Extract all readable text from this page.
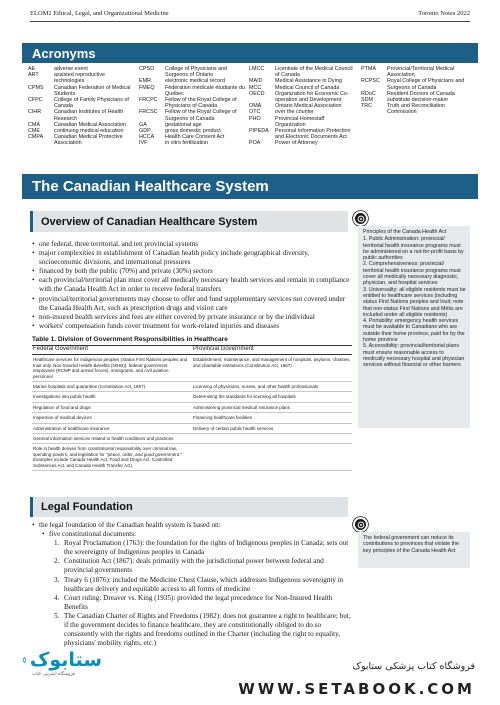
ELOM2 Ethical, Legal, and Organizational Medicine	Toronto Notes 2022
Acronyms
AE	adverse event
ART	assisted reproductive technologies
CPMS	Canadian Federation of Medical Students
CFPC	College of Family Physicians of Canada
CIHR	Canadian Institutes of Health Research
CMA	Canadian Medical Association
CME	continuing medical education
CMPA	Canadian Medical Protective Association
CPSO	College of Physicians and Surgeons of Ontario
EMR	electronic medical record
FMEQ	Fédération médicale étudiante du Québec
FRCPC	Fellow of the Royal College of Physicians of Canada
FRCSC	Fellow of the Royal College of Surgeons of Canada
GA	gestational age
GDP	gross domestic product
HCCA	Health Care Consent Act
IVF	in vitro fertilization
LMCC	Licentiate of the Medical Council of Canada
MAID	Medical Assistance in Dying
MCC	Medical Council of Canada
OECD	Organization for Economic Co-operation and Development
OMA	Ontario Medical Association
OTC	over the counter
PHO	Provincial Homestaff Organization
PIPEDA	Personal Information Protection and Electronic Documents Act
POA	Power of Attorney
PTMA	Provincial/Territorial Medical Association
RCPSC	Royal College of Physicians and Surgeons of Canada
RDoC	Resident Doctors of Canada
SDM	substitute decision-maker
TRC	Truth and Reconciliation Commission
The Canadian Healthcare System
Overview of Canadian Healthcare System
• one federal, three territorial, and ten provincial systems
• major complexities in establishment of Canadian health policy include geographical diversity, socioeconomic divisions, and international pressures
• financed by both the public (70%) and private (30%) sectors
• each provincial/territorial plan must cover all medically necessary health services and remain in compliance with the Canada Health Act in order to receive federal transfers
• provincial/territorial governments may choose to offer and fund supplementary services not covered under the Canada Health Act, such as prescription drugs and vision care
• non-insured health services and fees are either covered by private insurance or by the individual
• workers' compensation funds cover treatment for work-related injuries and diseases
Table 1. Division of Government Responsibilities in Healthcare
Federal Government	Provincial Government
Healthcare services for Indigenous peoples (Status First Nations peoples and Inuit only. Non-Insured Health Benefits (NIHB)), federal government employees (RCMP and armed forces), immigrants, and civil aviation personnel	Establishment, maintenance, and management of hospitals, asylums, charities, and charitable institutions (Constitution Act, 1867)
Marine hospitals and quarantine (Constitution Act, 1867)	Licensing of physicians, nurses, and other health professionals
Investigations into public health	Determining the standards for licensing all hospitals
Regulation of food and drugs	Administering provincial medical insurance plans
Inspection of medical devices	Financing healthcare facilities
Administration of healthcare insurance	Delivery of certain public health services
General information services related to health conditions and practices	
Role in health derives from constitutional responsibility over criminal law, spending powers, and legislation for "peace, order, and good government." Examples include Canada Health Act, Food and Drugs Act, Controlled Substances Act, and Canada Health Transfer Act)	
Principles of the Canada Health Act
1. Public Administration: provincial/ territorial health insurance programs must be administered on a not-for-profit basis by public authorities
2. Comprehensiveness: provincial/ territorial health insurance programs must cover all medically necessary diagnostic, physician, and hospital services
3. Universality: all eligible residents must be entitled to healthcare services (including status First Nations peoples and Inuit; note that non-status First Nations and Métis are included under all eligible residents)
4. Portability: emergency health services must be available to Canadians who are outside their home province, paid for by the home province
5. Accessibility: provincial/territorial plans must ensure reasonable access to medically necessary hospital and physician services without financial or other barriers
Legal Foundation
• the legal foundation of the Canadian health system is based on:
• five constitutional documents:
1. Royal Proclamation (1763): the foundation for the rights of Indigenous peoples in Canada; sets out the sovereignty of Indigenous peoples in Canada
2. Constitution Act (1867): deals primarily with the jurisdictional power between federal and provincial governments
3. Treaty 6 (1876): included the Medicine Chest Clause, which addresses Indigenous sovereignty in healthcare delivery and equitable access to all forms of medicine
4. Court ruling: Dreaver vs. King (1935): provided the legal precedence for Non-Insured Health Benefits
5. The Canadian Charter of Rights and Freedoms (1982): does not guarantee a right to healthcare; but, if the government decides to finance healthcare, they are constitutionally obliged to do so consistently with the rights and freedoms outlined in the Charter (including the right to equality, physicians' mobility rights, etc.)
The federal government can reduce its contributions to provinces that violate the key principles of the Canada Health Act
ستابوک
فروشگاه اینترنتی کتاب
فروشگاه کتاب پزشکی ستابوک
WWW.SETABOOK.COM
